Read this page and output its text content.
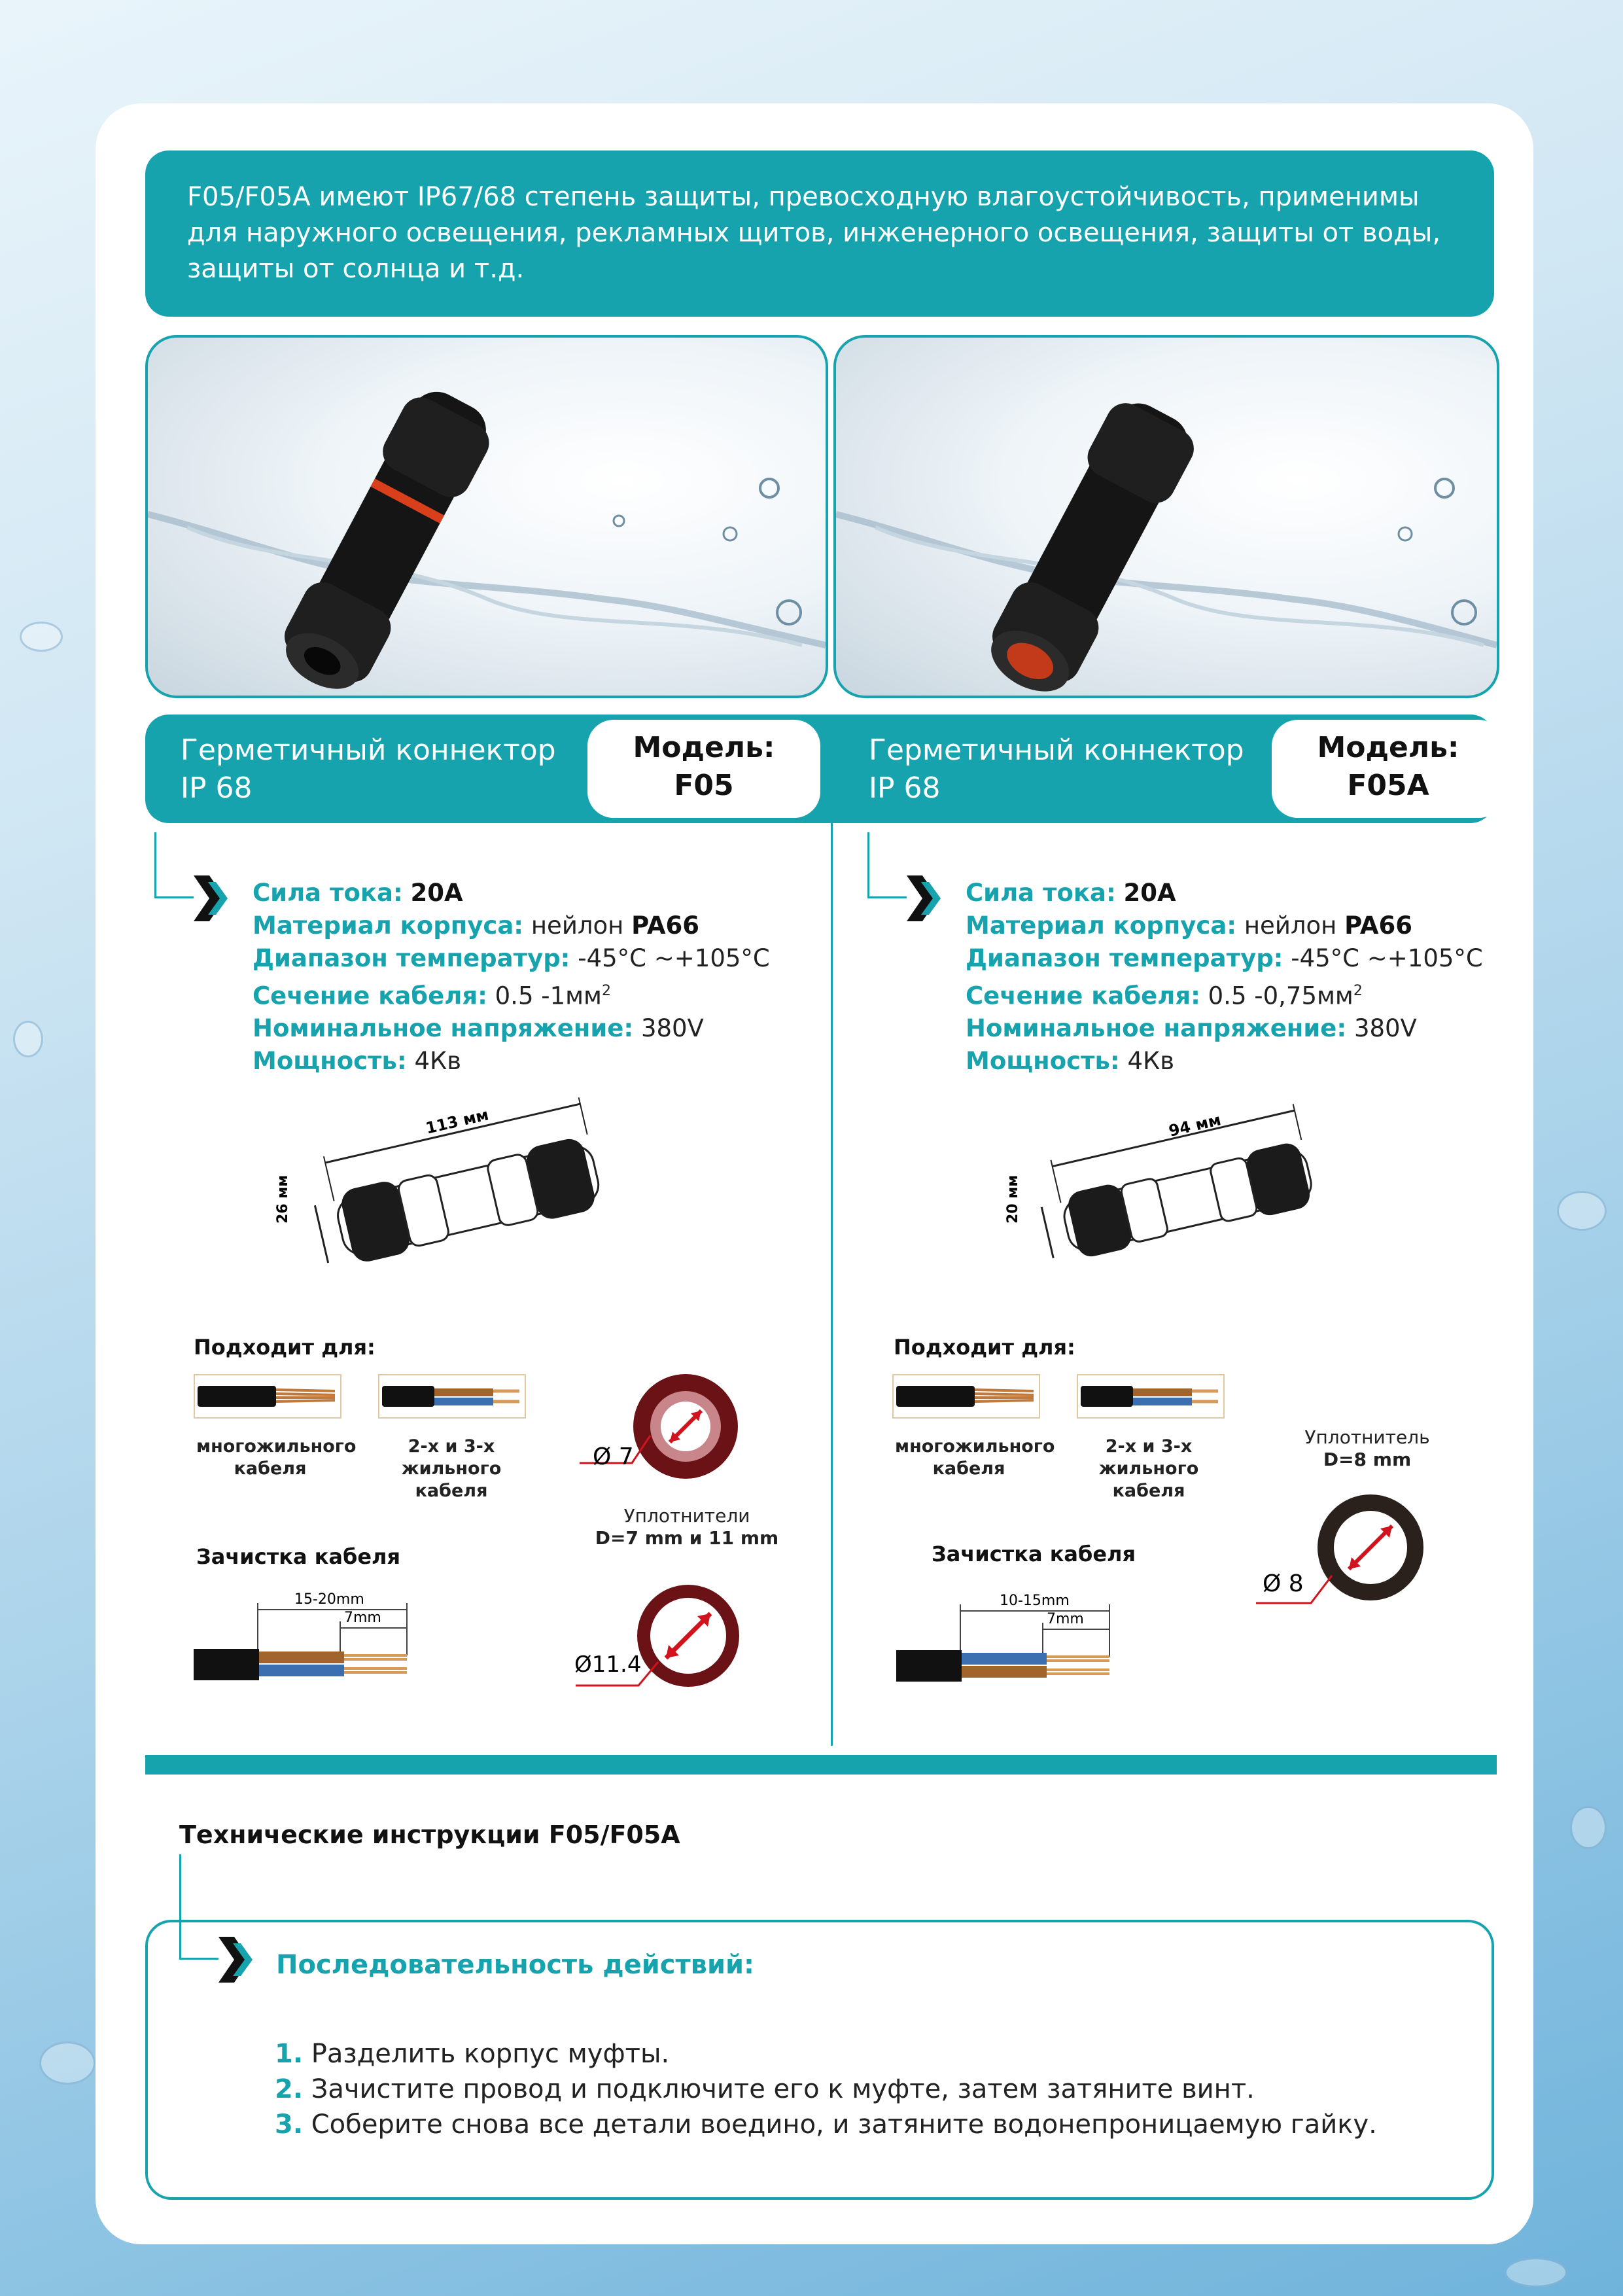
F05/F05A имеют IP67/68 степень защиты, превосходную влагоустойчивость, применимы для наружного освещения, рекламных щитов, инженерного освещения, защиты от воды, защиты от солнца и т.д.
Герметичный коннектор
IP 68
Модель:
F05
Герметичный коннектор
IP 68
Модель:
F05A
Сила тока: 20A
Материал корпуса: нейлон PA66
Диапазон температур: -45°C ~+105°C
Сечение кабеля: 0.5 $-1мм^2$
Номинальное напряжение: 380V
Мощность: 4Кв
Сила тока: 20A
Материал корпуса: нейлон PA66
Диапазон температур: -45°C ~+105°C
Сечение кабеля: 0.5 $-0,75мм^2$
Номинальное напряжение: 380V
Мощность: 4Кв
113 мм
26 мм
94 мм
20 мм
Подходит для:
многожильного кабеля
2-х и 3-х жильного кабеля
Ø 7
Уплотнители
D=7 mm и 11 mm
Ø11.4
Зачистка кабеля
15-20mm
7mm
Подходит для:
многожильного кабеля
2-х и 3-х жильного кабеля
Уплотнитель
D=8 mm
Ø 8
Зачистка кабеля
10-15mm
7mm
Технические инструкции F05/F05A
Последовательность действий:
1. Разделить корпус муфты.
2. Зачистите провод и подключите его к муфте, затем затяните винт.
3. Соберите снова все детали воедино, и затяните водонепроницаемую гайку.
